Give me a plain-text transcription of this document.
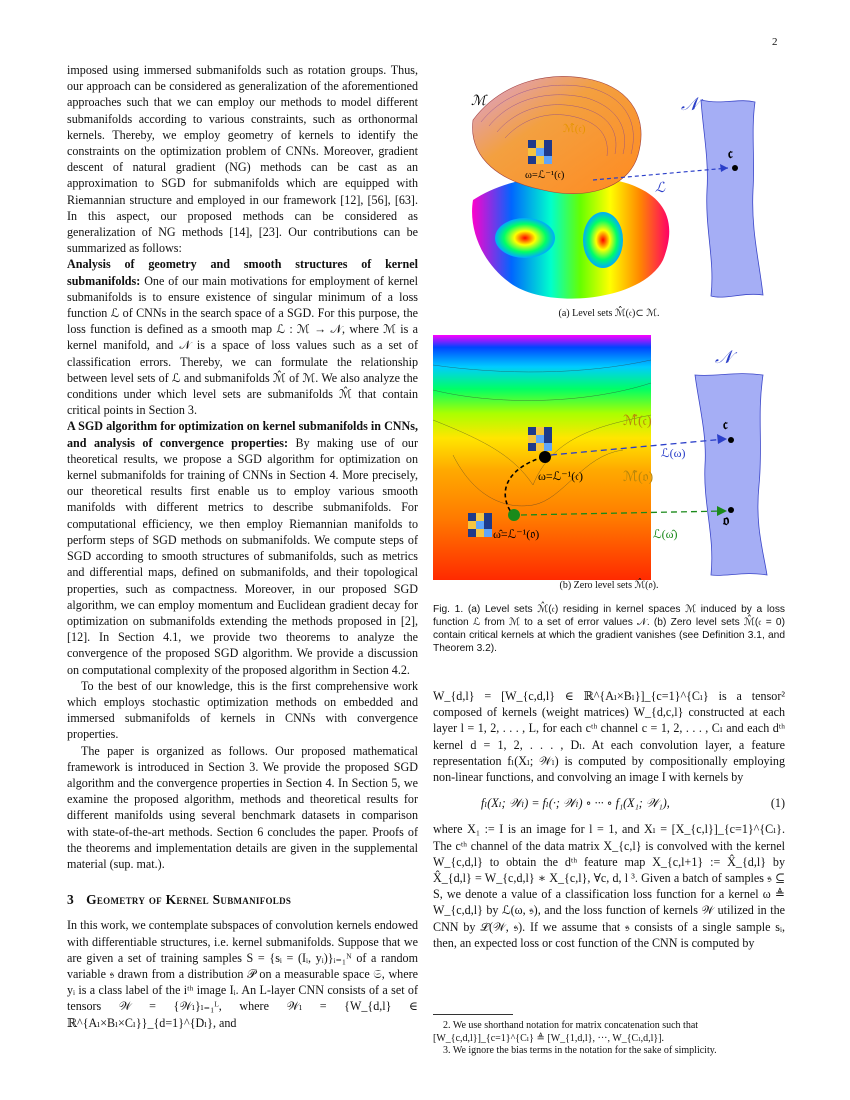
2

imposed using immersed submanifolds such as rotation groups. Thus, our approach can be considered as generalization of the aforementioned approaches such that we can employ our methods to model different submanifolds according to various constraints, such as orthonormal kernels. Thereby, we employ geometry of kernels to identify the constraints on the optimization problem of CNNs. Moreover, gradient descent of natural gradient (NG) methods can be cast as an approximation to SGD for submanifolds which are equipped with Riemannian structure and employed in our framework [12], [56], [63]. In this aspect, our proposed methods can be considered as generalization of NG methods [14], [23]. Our contributions can be summarized as follows:

Analysis of geometry and smooth structures of kernel submanifolds: One of our main motivations for employment of kernel submanifolds is to ensure existence of singular minimum of a loss function ℒ of CNNs in the search space of a SGD. For this purpose, the loss function is defined as a smooth map ℒ : ℳ → 𝒩, where ℳ is a kernel manifold, and 𝒩 is a space of loss values such as a set of classification errors. Thereby, we can formulate the relationship between level sets of ℒ and submanifolds ℳ̂ of ℳ. We also analyze the conditions under which level sets are submanifolds ℳ̂ that contain critical points in Section 3.

A SGD algorithm for optimization on kernel submanifolds in CNNs, and analysis of convergence properties: By making use of our theoretical results, we propose a SGD algorithm for optimization on kernel submanifolds for training of CNNs in Section 4. More precisely, our theoretical results first enable us to employ various smooth manifolds with different metrics to describe submanifolds. For computational efficiency, we then employ Riemannian manifolds to perform steps of SGD methods on submanifolds. We compute steps of SGD according to smooth structures of submanifolds, such as metrics and differential maps, defined on submanifolds, and their topological properties, such as compactness. Moreover, in our proposed SGD algorithm, we can employ momentum and Euclidean gradient decay for optimization on submanifolds extending the methods proposed in [2], [12]. In Section 4.1, we provide two theorems to analyze the convergence of the proposed SGD algorithm. We provide a discussion on computational complexity of the proposed algorithm in Section 4.2.

To the best of our knowledge, this is the first comprehensive work which employs stochastic optimization methods on embedded and immersed submanifolds of kernels in CNNs with convergence properties.

The paper is organized as follows. Our proposed mathematical framework is introduced in Section 3. We provide the proposed SGD algorithm and the convergence properties in Section 4. In Section 5, we examine the proposed algorithm, methods and theoretical results for different manifolds using several benchmark datasets in comparison with state-of-the-art methods. Section 6 concludes the paper. Proofs of the theorems and implementation details are given in the supplemental material (sup. mat.).

3 Geometry of Kernel Submanifolds

In this work, we contemplate subspaces of convolution kernels endowed with differentiable structures, i.e. kernel submanifolds. Suppose that we are given a set of training samples S = {sᵢ = (Iᵢ, yᵢ)}ᵢ₌₁ᴺ of a random variable 𝔰 drawn from a distribution 𝒫 on a measurable space 𝔖, where yᵢ is a class label of the iᵗʰ image Iᵢ. An L-layer CNN consists of a set of tensors 𝒲 = {𝒲ₗ}ₗ₌₁ᴸ, where 𝒲ₗ = {W_{d,l} ∈ ℝ^{Aₗ×Bₗ×Cₗ}}_{d=1}^{Dₗ}, and

ℳ
ℳ̂(𝔠)
ω=ℒ⁻¹(𝔠)
𝒩
𝔠
ℒ
(a) Level sets ℳ̂(𝔠)⊂ ℳ.
ω=ℒ⁻¹(𝔠)
ω̂=ℒ⁻¹(𝔬)
ℳ̂(𝔠)
ℳ̂(𝔬)
𝒩
𝔠
𝔬
ℒ(ω)
ℒ(ω̂)
(b) Zero level sets ℳ̂(𝔬).

Fig. 1. (a) Level sets ℳ̂(𝔠) residing in kernel spaces ℳ induced by a loss function ℒ from ℳ to a set of error values 𝒩. (b) Zero level sets ℳ̂(𝔠 = 0) contain critical kernels at which the gradient vanishes (see Definition 3.1, and Theorem 3.2).

W_{d,l} = [W_{c,d,l} ∈ ℝ^{Aₗ×Bₗ}]_{c=1}^{Cₗ} is a tensor² composed of kernels (weight matrices) W_{d,c,l} constructed at each layer l = 1, 2, . . . , L, for each cᵗʰ channel c = 1, 2, . . . , Cₗ and each dᵗʰ kernel d = 1, 2, . . . , Dₗ. At each convolution layer, a feature representation fₗ(Xₗ; 𝒲ₗ) is computed by compositionally employing non-linear functions, and convolving an image I with kernels by

fₗ(Xₗ; 𝒲ₗ) = fₗ(·; 𝒲ₗ) ∘ ··· ∘ f₁(X₁; 𝒲₁),	(1)

where X₁ := I is an image for l = 1, and Xₗ = [X_{c,l}]_{c=1}^{Cₗ}. The cᵗʰ channel of the data matrix X_{c,l} is convolved with the kernel W_{c,d,l} to obtain the dᵗʰ feature map X_{c,l+1} := X̂_{d,l} by X̂_{d,l} = W_{c,d,l} ∗ X_{c,l}, ∀c, d, l ³. Given a batch of samples 𝔰 ⊆ S, we denote a value of a classification loss function for a kernel ω ≜ W_{c,d,l} by ℒ(ω, 𝔰), and the loss function of kernels 𝒲 utilized in the CNN by ℒ(𝒲, 𝔰). If we assume that 𝔰 consists of a single sample sᵢ, then, an expected loss or cost function of the CNN is computed by

2. We use shorthand notation for matrix concatenation such that [W_{c,d,l}]_{c=1}^{Cₗ} ≜ [W_{1,d,l}, ···, W_{Cₗ,d,l}].

3. We ignore the bias terms in the notation for the sake of simplicity.
